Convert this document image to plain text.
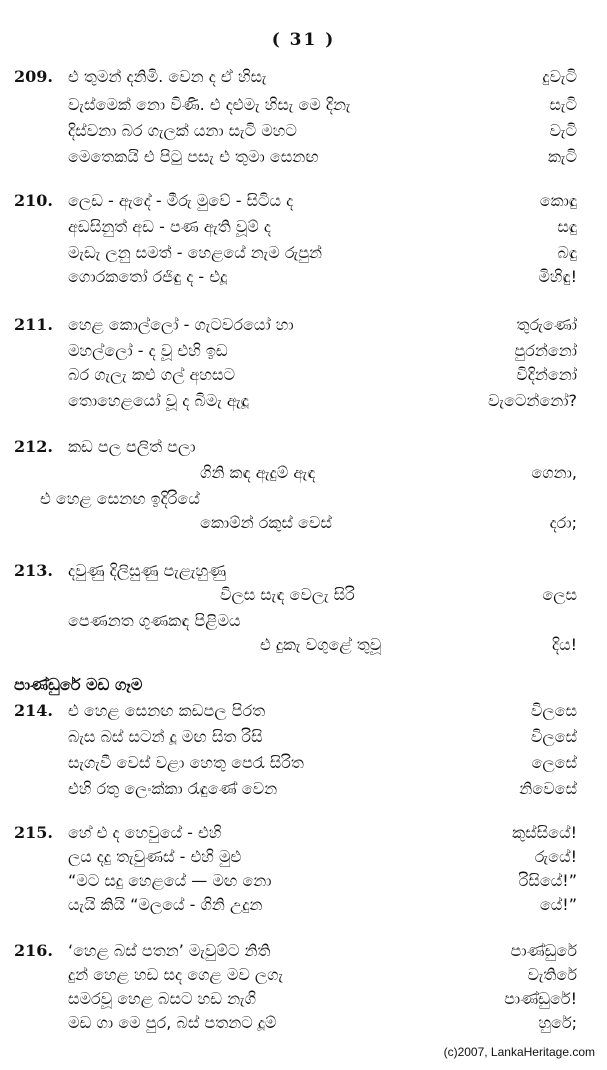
( 31 )
209. එ තුමන් දනිමි. වෙන ද ඒ හිසැ
වැස්මෙක් නො විණි. එ දළුමැ හිසැ මෙ දිනැ
දිස්වනා බර ගැලක් යනා සැටි මහට
මෙතෙකයි එ පිටු පසැ එ තුමා සෙනඟ
දුවැටි
සැටි
වැටි
කැටි
210. ලෙඩ - ඇදේ - මීරු මුවේ - සිටිය ද
අඩසිනුත් අඩ - පණ ඇති වූම් ද
මැඩැ ලනු සමත් - හෙළයේ නැම රුපුන්
ගොරකතෝ රජිඳු ද - එදූ
කොඳු
සඳු
බඳු
මිහිඳු!
211. හෙළ කොල්ලෝ - ගැටවරයෝ හා
මහල්ලෝ - ද වූ එහි ඉඩ
බර ගැලැ කළු ගල් අහසට
තොහෙළයෝ වූ ද බිමැ ඇඳූ
තුරුණෝ
පුරන්නෝ
විදින්නෝ
වැටෙන්නෝ?
212. කඩ පල පලිත් පලා
ගිනි කඳ ඇදුම් ඇඳ
එ හෙළ සෙනඟ ඉදිරියේ
කොම්න් රකුස් වෙස්
ගෙනා,
දරා;
213. දවුණු දිලිසුණු පැළැහුණු
විලස සැඳ වෙලැ සිරි
පෙණනත ගුණකඳ පිළිමය
එ දුකැ වගුළේ තුවූ
ලෙස
දිය!
පාණ්ඩුරේ මඩ ගෑම
214. එ හෙළ සෙනඟ කඩපල පිරත
බැස බස් සටන් දූ මඟ සිත රිසි
සැගැවී වෙස් වළා හෙතු පෙරැ සිරිත
එහි රතු ලෙංක්කා රැඳුණේ වෙන
විලසෙ
විලසේ
ලෙසේ
නිවෙසේ
215. හේ එ ද හෙවුයේ - එහි
ලය දදු තැවුණස් - එහි මුළු
“මට සදු හෙළයේ — මඟ නො
යැයි කියි “මලයේ - ගිනි උදුන
කුස්සියේ!
රුයේ!
රිසියේ!”
යේ!”
216. ‘හෙළ බස් පතන’ මැවුම්ට නිති
දුන් හෙළ හඩ සද ගෙළ මව ලගැ
සමරවූ හෙළ බසට හඩ නැගි
මඩ ගා මෙ පුර, බස් පතනට දූම්
පාණ්ඩුරේ
වැතිරේ
පාණ්ඩුරේ!
හුරේ;
(c)2007, LankaHeritage.com
